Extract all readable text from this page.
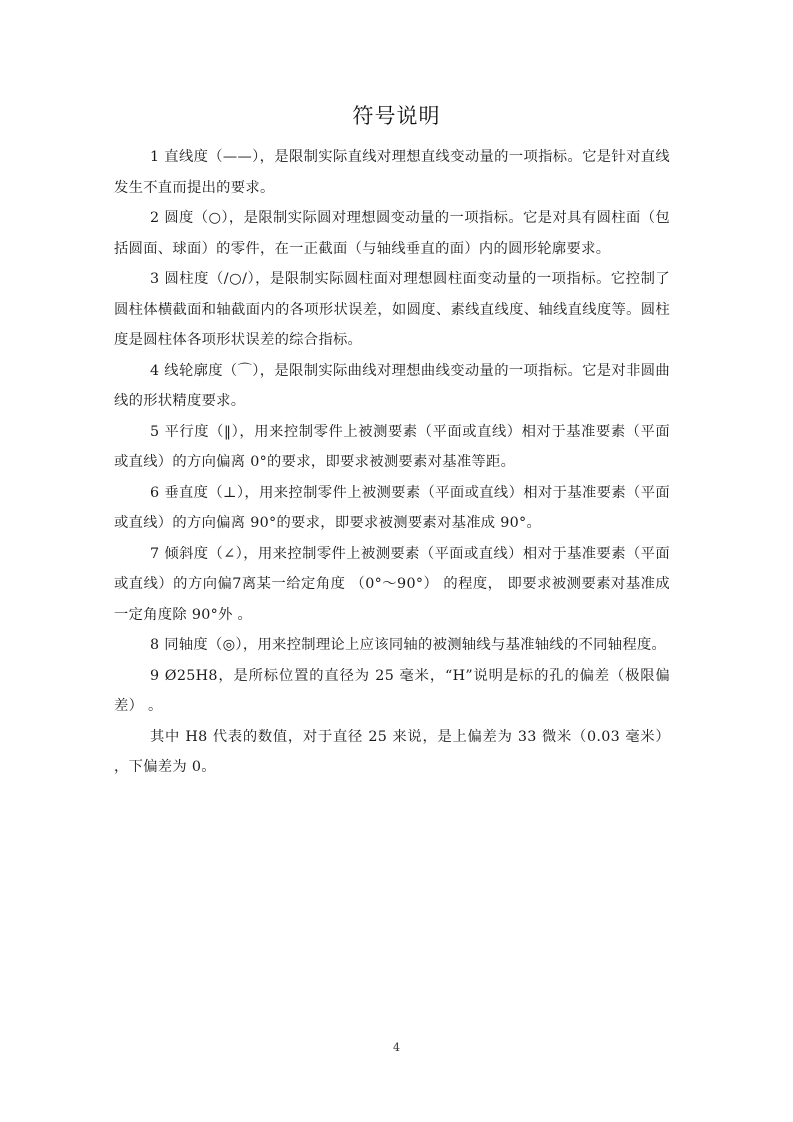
符号说明

1 直线度（——），是限制实际直线对理想直线变动量的一项指标。它是针对直线发生不直而提出的要求。

2 圆度（○），是限制实际圆对理想圆变动量的一项指标。它是对具有圆柱面（包括圆面、球面）的零件，在一正截面（与轴线垂直的面）内的圆形轮廓要求。

3 圆柱度（/○/），是限制实际圆柱面对理想圆柱面变动量的一项指标。它控制了圆柱体横截面和轴截面内的各项形状误差，如圆度、素线直线度、轴线直线度等。圆柱度是圆柱体各项形状误差的综合指标。

4 线轮廓度（⌒），是限制实际曲线对理想曲线变动量的一项指标。它是对非圆曲线的形状精度要求。

5 平行度（‖），用来控制零件上被测要素（平面或直线）相对于基准要素（平面或直线）的方向偏离 0°的要求，即要求被测要素对基准等距。

6 垂直度（⊥），用来控制零件上被测要素（平面或直线）相对于基准要素（平面或直线）的方向偏离 90°的要求，即要求被测要素对基准成 90°。

7 倾斜度（∠），用来控制零件上被测要素（平面或直线）相对于基准要素（平面或直线）的方向偏7离某一给定角度 （0°～90°） 的程度， 即要求被测要素对基准成一定角度除 90°外 。

8 同轴度（◎），用来控制理论上应该同轴的被测轴线与基准轴线的不同轴程度。

9 Ø25H8，是所标位置的直径为 25 毫米，“H”说明是标的孔的偏差（极限偏差） 。

其中 H8 代表的数值，对于直径 25 来说，是上偏差为 33 微米（0.03 毫米） ，下偏差为 0。

4
